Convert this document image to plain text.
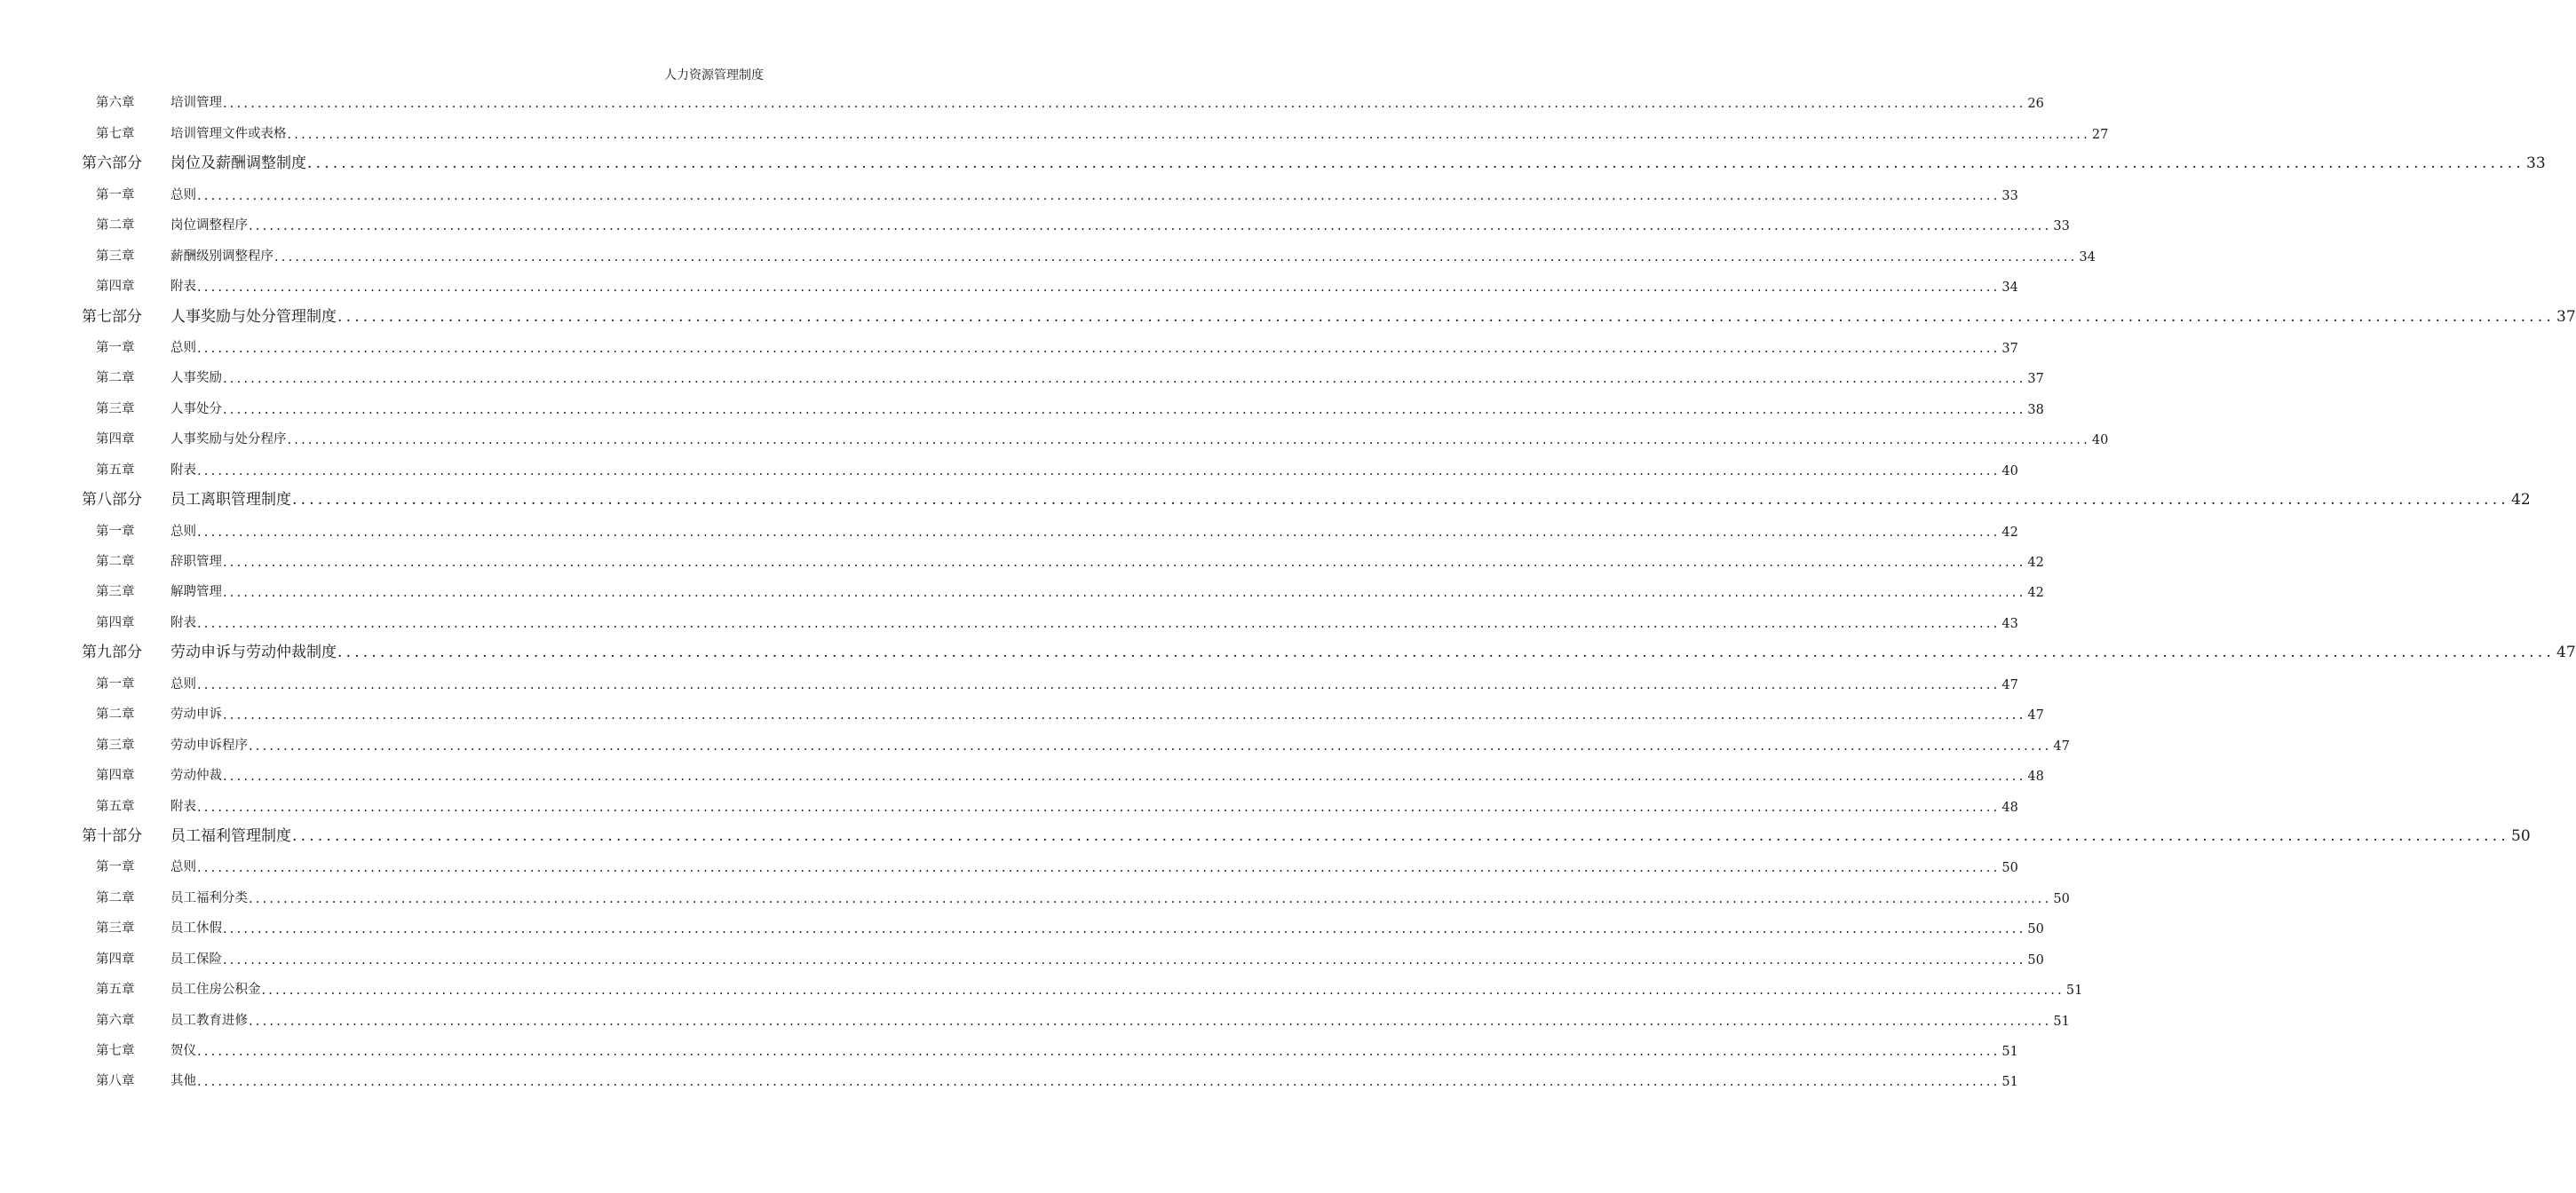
人力资源管理制度
第六章	培训管理 .................................................................................................................................................................................................................................................................... 26
第七章	培训管理文件或表格 .................................................................................................................................................................................................................................................................... 27
第六部分	岗位及薪酬调整制度 .................................................................................................................................................................................................................................................................... 33
第一章	总则 .................................................................................................................................................................................................................................................................... 33
第二章	岗位调整程序 .................................................................................................................................................................................................................................................................... 33
第三章	薪酬级别调整程序 .................................................................................................................................................................................................................................................................... 34
第四章	附表 .................................................................................................................................................................................................................................................................... 34
第七部分	人事奖励与处分管理制度 .................................................................................................................................................................................................................................................................... 37
第一章	总则 .................................................................................................................................................................................................................................................................... 37
第二章	人事奖励 .................................................................................................................................................................................................................................................................... 37
第三章	人事处分 .................................................................................................................................................................................................................................................................... 38
第四章	人事奖励与处分程序 .................................................................................................................................................................................................................................................................... 40
第五章	附表 .................................................................................................................................................................................................................................................................... 40
第八部分	员工离职管理制度 .................................................................................................................................................................................................................................................................... 42
第一章	总则 .................................................................................................................................................................................................................................................................... 42
第二章	辞职管理 .................................................................................................................................................................................................................................................................... 42
第三章	解聘管理 .................................................................................................................................................................................................................................................................... 42
第四章	附表 .................................................................................................................................................................................................................................................................... 43
第九部分	劳动申诉与劳动仲裁制度 .................................................................................................................................................................................................................................................................... 47
第一章	总则 .................................................................................................................................................................................................................................................................... 47
第二章	劳动申诉 .................................................................................................................................................................................................................................................................... 47
第三章	劳动申诉程序 .................................................................................................................................................................................................................................................................... 47
第四章	劳动仲裁 .................................................................................................................................................................................................................................................................... 48
第五章	附表 .................................................................................................................................................................................................................................................................... 48
第十部分	员工福利管理制度 .................................................................................................................................................................................................................................................................... 50
第一章	总则 .................................................................................................................................................................................................................................................................... 50
第二章	员工福利分类 .................................................................................................................................................................................................................................................................... 50
第三章	员工休假 .................................................................................................................................................................................................................................................................... 50
第四章	员工保险 .................................................................................................................................................................................................................................................................... 50
第五章	员工住房公积金 .................................................................................................................................................................................................................................................................... 51
第六章	员工教育进修 .................................................................................................................................................................................................................................................................... 51
第七章	贺仪 .................................................................................................................................................................................................................................................................... 51
第八章	其他 .................................................................................................................................................................................................................................................................... 51
